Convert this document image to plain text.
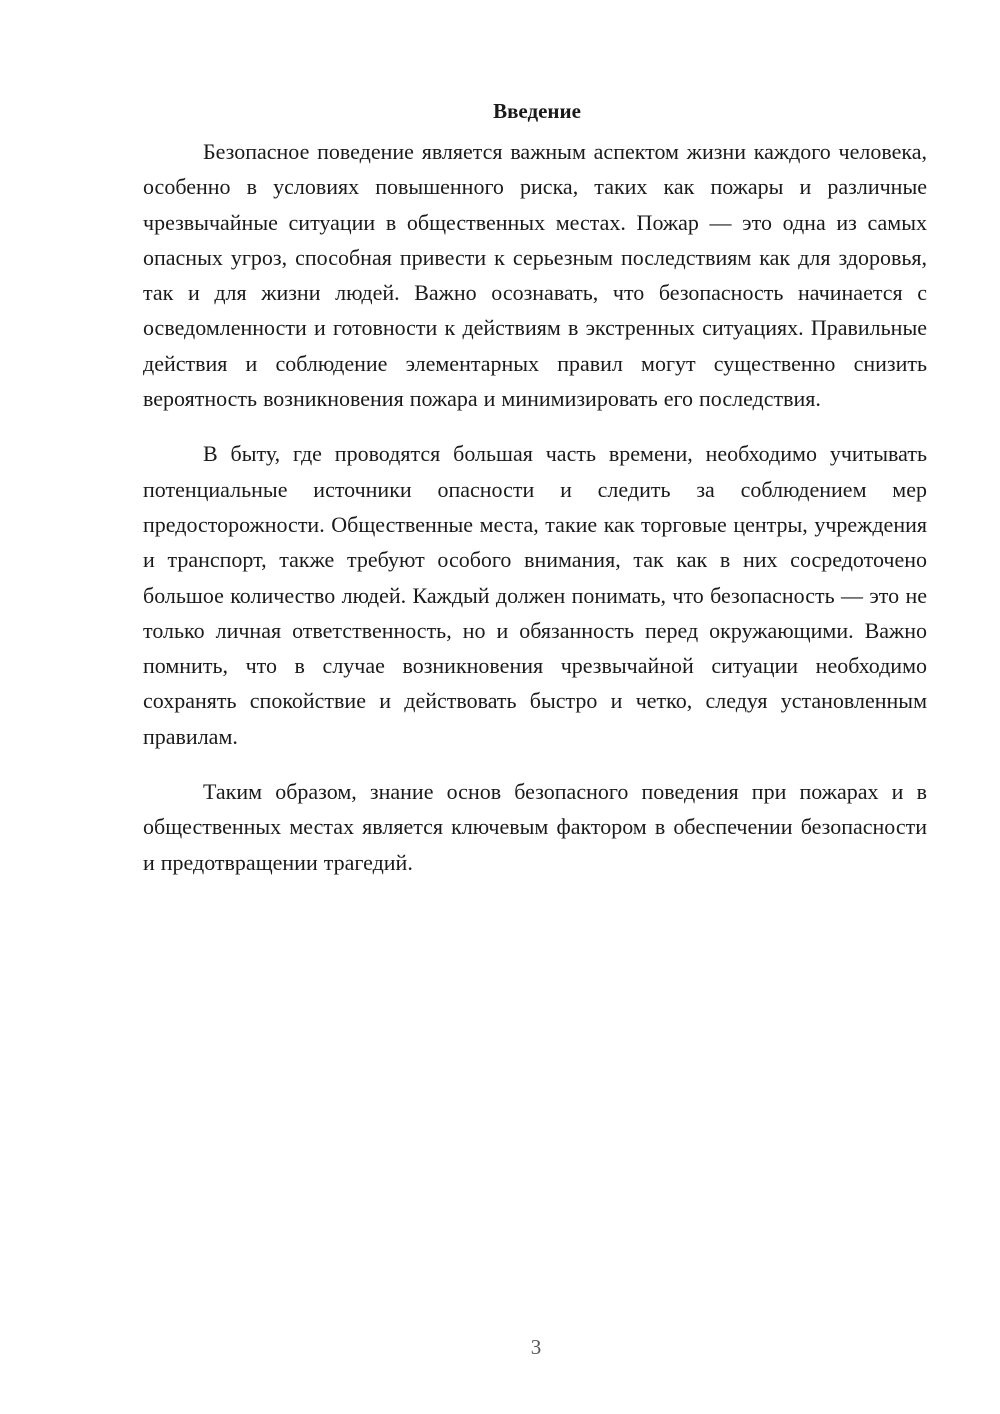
Введение

Безопасное поведение является важным аспектом жизни каждого человека, особенно в условиях повышенного риска, таких как пожары и различные чрезвычайные ситуации в общественных местах. Пожар — это одна из самых опасных угроз, способная привести к серьезным последствиям как для здоровья, так и для жизни людей. Важно осознавать, что безопасность начинается с осведомленности и готовности к действиям в экстренных ситуациях. Правильные действия и соблюдение элементарных правил могут существенно снизить вероятность возникновения пожара и минимизировать его последствия.

В быту, где проводятся большая часть времени, необходимо учитывать потенциальные источники опасности и следить за соблюдением мер предосторожности. Общественные места, такие как торговые центры, учреждения и транспорт, также требуют особого внимания, так как в них сосредоточено большое количество людей. Каждый должен понимать, что безопасность — это не только личная ответственность, но и обязанность перед окружающими. Важно помнить, что в случае возникновения чрезвычайной ситуации необходимо сохранять спокойствие и действовать быстро и четко, следуя установленным правилам.

Таким образом, знание основ безопасного поведения при пожарах и в общественных местах является ключевым фактором в обеспечении безопасности и предотвращении трагедий.

3
